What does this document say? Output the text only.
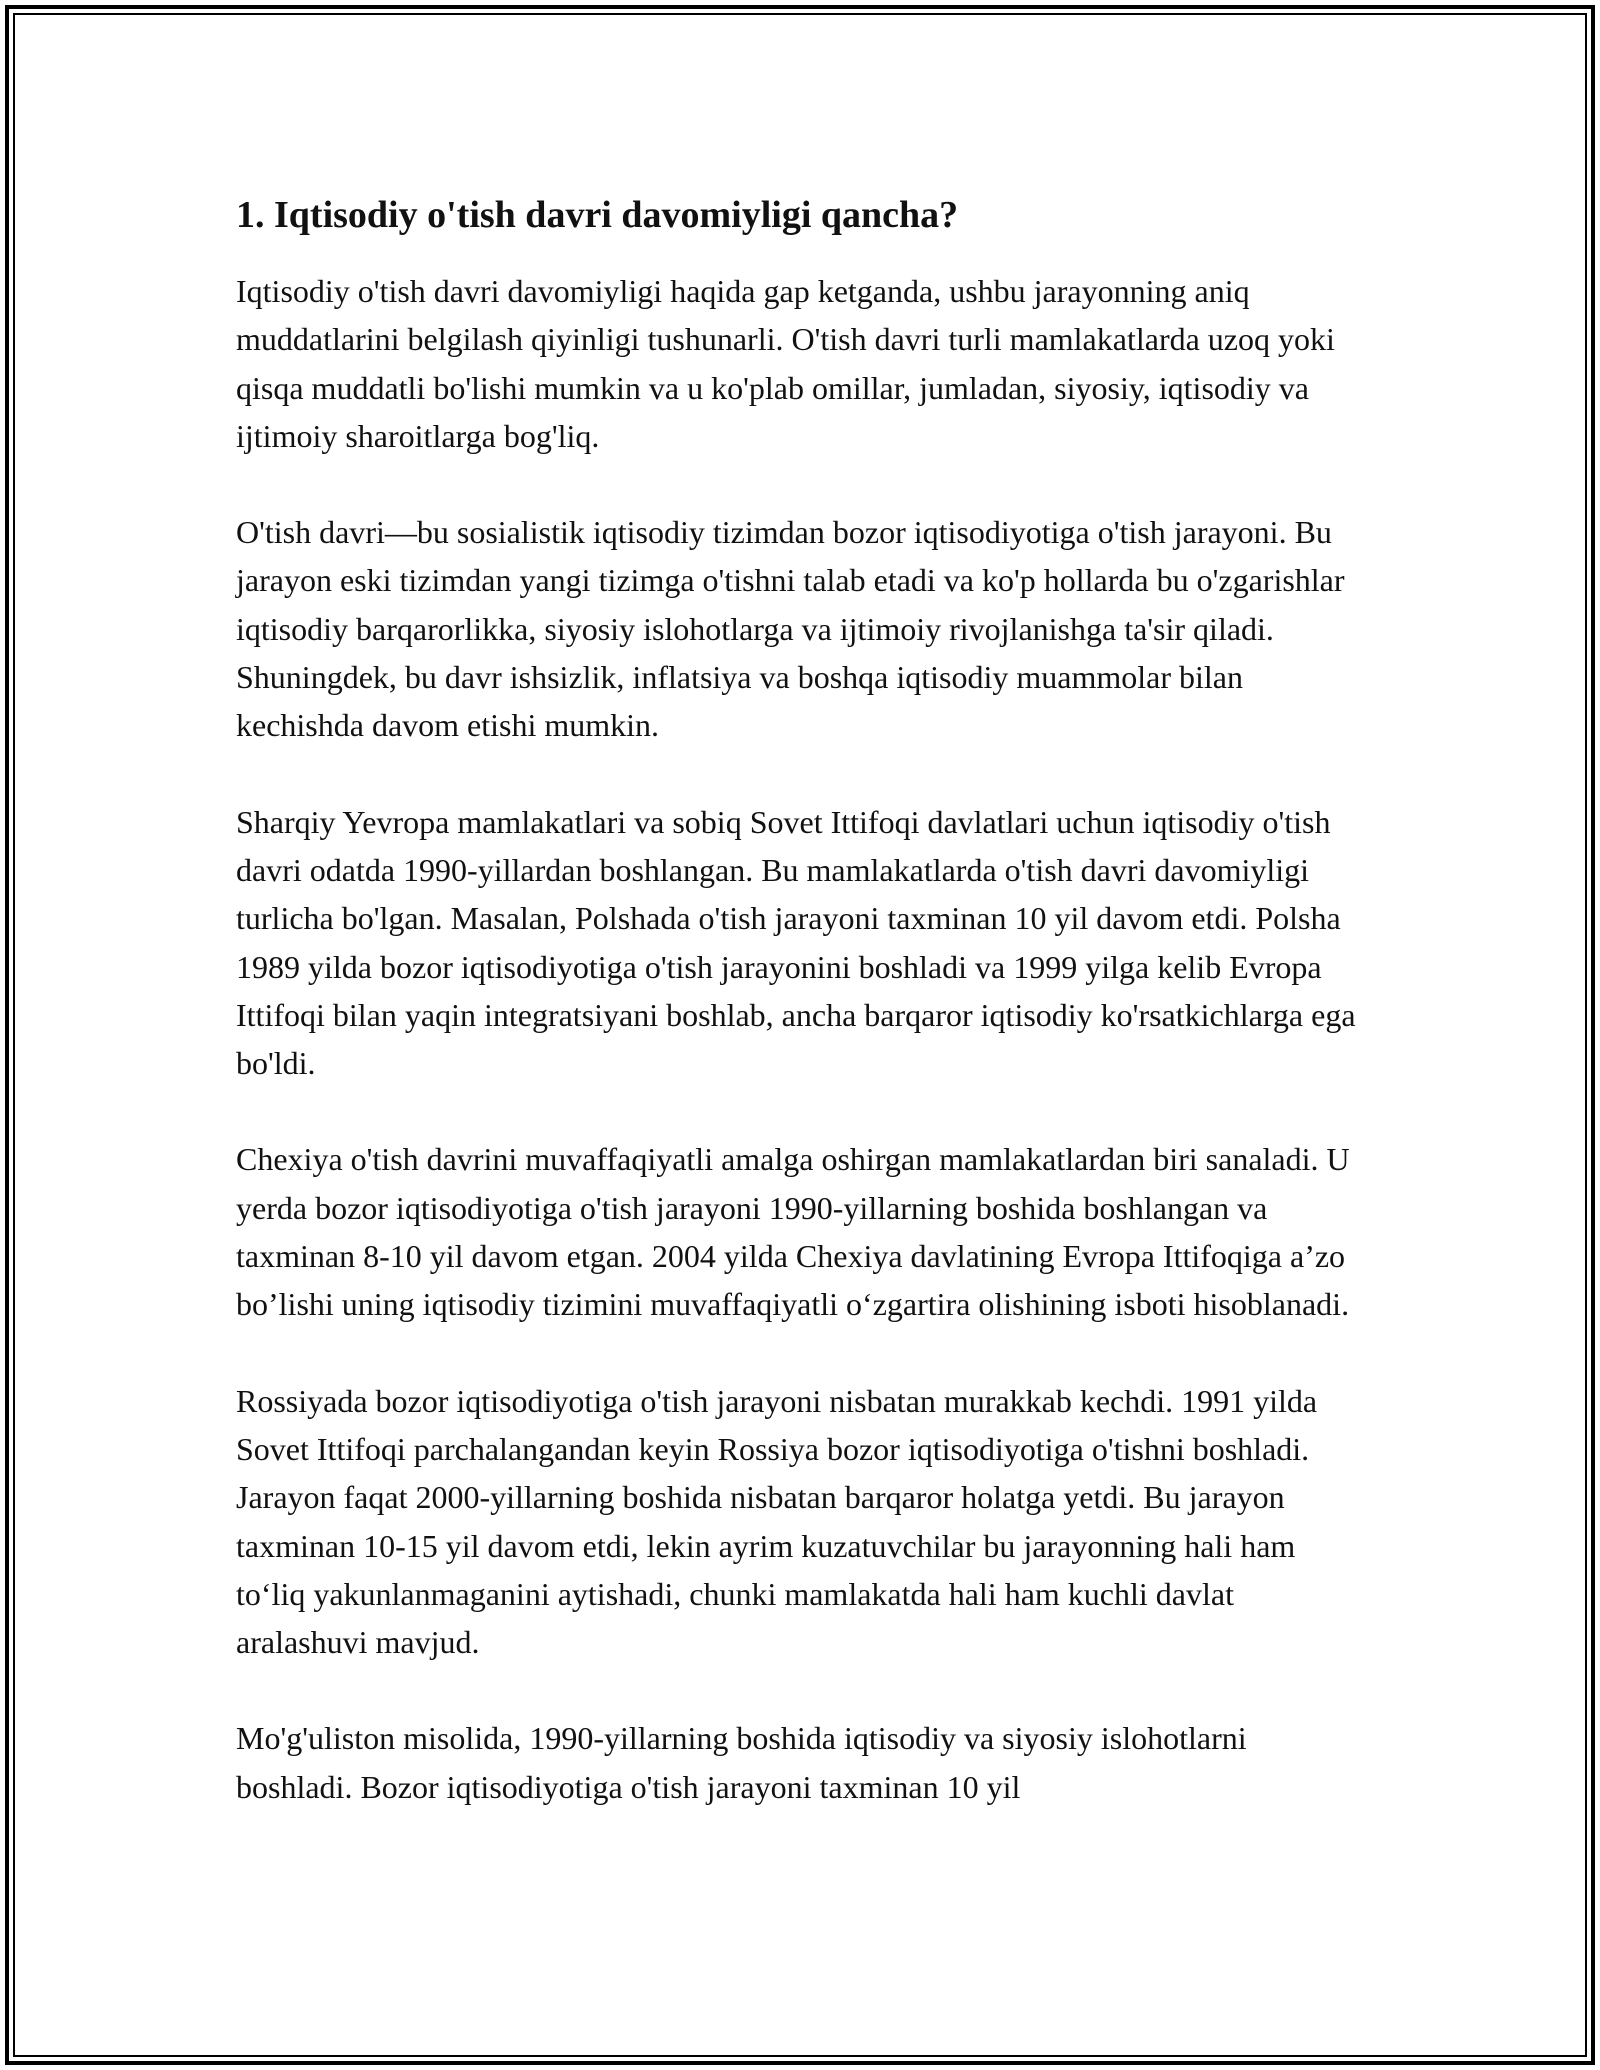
1. Iqtisodiy o'tish davri davomiyligi qancha?

Iqtisodiy o'tish davri davomiyligi haqida gap ketganda, ushbu jarayonning aniq muddatlarini belgilash qiyinligi tushunarli. O'tish davri turli mamlakatlarda uzoq yoki qisqa muddatli bo'lishi mumkin va u ko'plab omillar, jumladan, siyosiy, iqtisodiy va ijtimoiy sharoitlarga bog'liq.

O'tish davri—bu sosialistik iqtisodiy tizimdan bozor iqtisodiyotiga o'tish jarayoni. Bu jarayon eski tizimdan yangi tizimga o'tishni talab etadi va ko'p hollarda bu o'zgarishlar iqtisodiy barqarorlikka, siyosiy islohotlarga va ijtimoiy rivojlanishga ta'sir qiladi. Shuningdek, bu davr ishsizlik, inflatsiya va boshqa iqtisodiy muammolar bilan kechishda davom etishi mumkin.

Sharqiy Yevropa mamlakatlari va sobiq Sovet Ittifoqi davlatlari uchun iqtisodiy o'tish davri odatda 1990-yillardan boshlangan. Bu mamlakatlarda o'tish davri davomiyligi turlicha bo'lgan. Masalan, Polshada o'tish jarayoni taxminan 10 yil davom etdi. Polsha 1989 yilda bozor iqtisodiyotiga o'tish jarayonini boshladi va 1999 yilga kelib Evropa Ittifoqi bilan yaqin integratsiyani boshlab, ancha barqaror iqtisodiy ko'rsatkichlarga ega bo'ldi.

Chexiya o'tish davrini muvaffaqiyatli amalga oshirgan mamlakatlardan biri sanaladi. U yerda bozor iqtisodiyotiga o'tish jarayoni 1990-yillarning boshida boshlangan va taxminan 8-10 yil davom etgan. 2004 yilda Chexiya davlatining Evropa Ittifoqiga a’zo bo’lishi uning iqtisodiy tizimini muvaffaqiyatli o‘zgartira olishining isboti hisoblanadi.

Rossiyada bozor iqtisodiyotiga o'tish jarayoni nisbatan murakkab kechdi. 1991 yilda Sovet Ittifoqi parchalangandan keyin Rossiya bozor iqtisodiyotiga o'tishni boshladi. Jarayon faqat 2000-yillarning boshida nisbatan barqaror holatga yetdi. Bu jarayon taxminan 10-15 yil davom etdi, lekin ayrim kuzatuvchilar bu jarayonning hali ham to‘liq yakunlanmaganini aytishadi, chunki mamlakatda hali ham kuchli davlat aralashuvi mavjud.

Mo'g'uliston misolida, 1990-yillarning boshida iqtisodiy va siyosiy islohotlarni boshladi. Bozor iqtisodiyotiga o'tish jarayoni taxminan 10 yil
